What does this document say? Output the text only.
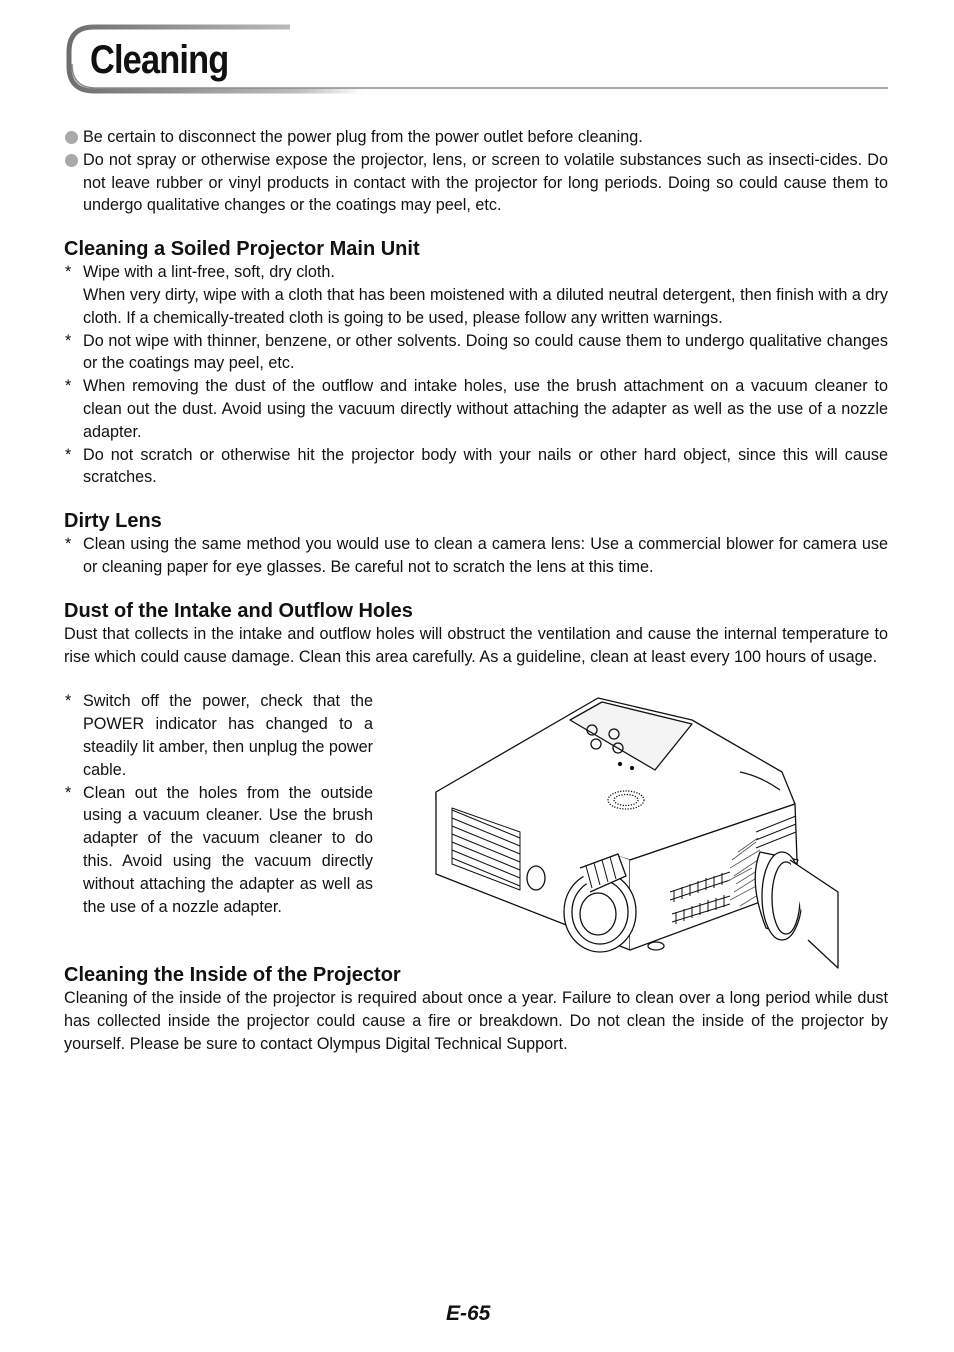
Cleaning
Be certain to disconnect the power plug from the power outlet before cleaning.
Do not spray or otherwise expose the projector, lens, or screen to volatile substances such as insecti-cides. Do not leave rubber or vinyl products in contact with the projector for long periods. Doing so could cause them to undergo qualitative changes or the coatings may peel, etc.
Cleaning a Soiled Projector Main Unit
* Wipe with a lint-free, soft, dry cloth.
When very dirty, wipe with a cloth that has been moistened with a diluted neutral detergent, then finish with a dry cloth. If a chemically-treated cloth is going to be used, please follow any written warnings.
* Do not wipe with thinner, benzene, or other solvents. Doing so could cause them to undergo qualitative changes or the coatings may peel, etc.
* When removing the dust of the outflow and intake holes, use the brush attachment on a vacuum cleaner to clean out the dust. Avoid using the vacuum directly without attaching the adapter as well as the use of a nozzle adapter.
* Do not scratch or otherwise hit the projector body with your nails or other hard object, since this will cause scratches.
Dirty Lens
* Clean using the same method you would use to clean a camera lens: Use a commercial blower for camera use or cleaning paper for eye glasses. Be careful not to scratch the lens at this time.
Dust of the Intake and Outflow Holes

Dust that collects in the intake and outflow holes will obstruct the ventilation and cause the internal temperature to rise which could cause damage. Clean this area carefully. As a guideline, clean at least every 100 hours of usage.

* Switch off the power, check that the POWER indicator has changed to a steadily lit amber, then unplug the power cable.
* Clean out the holes from the outside using a vacuum cleaner. Use the brush adapter of the vacuum cleaner to do this. Avoid using the vacuum directly without attaching the adapter as well as the use of a nozzle adapter.
Cleaning the Inside of the Projector

Cleaning of the inside of the projector is required about once a year. Failure to clean over a long period while dust has collected inside the projector could cause a fire or breakdown. Do not clean the inside of the projector by yourself. Please be sure to contact Olympus Digital Technical Support.

E-65
